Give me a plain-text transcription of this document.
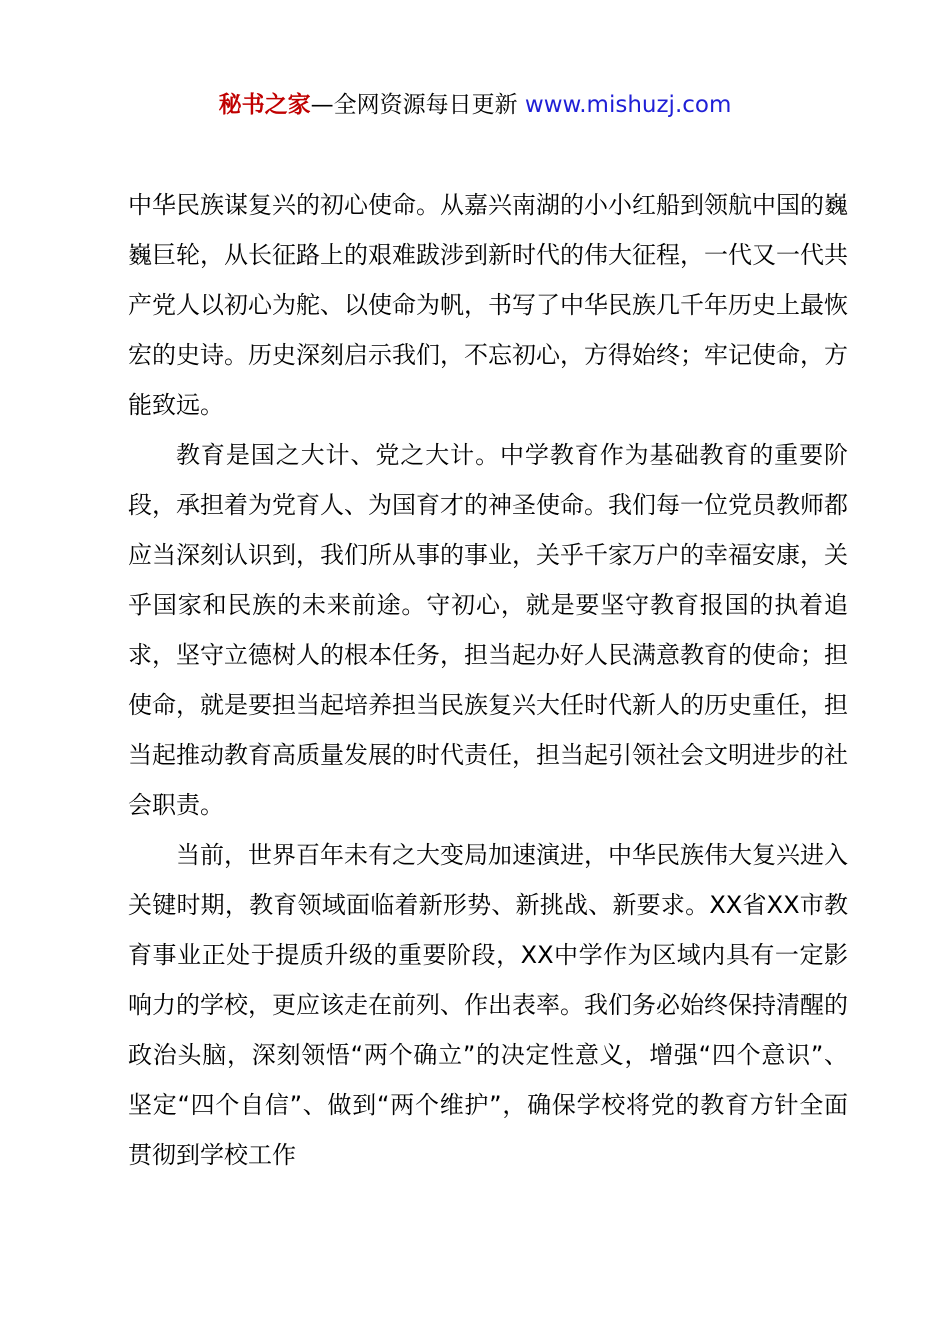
秘书之家—全网资源每日更新 www.mishuzj.com

中华民族谋复兴的初心使命。从嘉兴南湖的小小红船到领航中国的巍巍巨轮，从长征路上的艰难跋涉到新时代的伟大征程，一代又一代共产党人以初心为舵、以使命为帆，书写了中华民族几千年历史上最恢宏的史诗。历史深刻启示我们，不忘初心，方得始终；牢记使命，方能致远。

教育是国之大计、党之大计。中学教育作为基础教育的重要阶段，承担着为党育人、为国育才的神圣使命。我们每一位党员教师都应当深刻认识到，我们所从事的事业，关乎千家万户的幸福安康，关乎国家和民族的未来前途。守初心，就是要坚守教育报国的执着追求，坚守立德树人的根本任务，担当起办好人民满意教育的使命；担使命，就是要担当起培养担当民族复兴大任时代新人的历史重任，担当起推动教育高质量发展的时代责任，担当起引领社会文明进步的社会职责。

当前，世界百年未有之大变局加速演进，中华民族伟大复兴进入关键时期，教育领域面临着新形势、新挑战、新要求。XX省XX市教育事业正处于提质升级的重要阶段，XX中学作为区域内具有一定影响力的学校，更应该走在前列、作出表率。我们务必始终保持清醒的政治头脑，深刻领悟“两个确立”的决定性意义，增强“四个意识”、坚定“四个自信”、做到“两个维护”，确保学校将党的教育方针全面贯彻到学校工作
